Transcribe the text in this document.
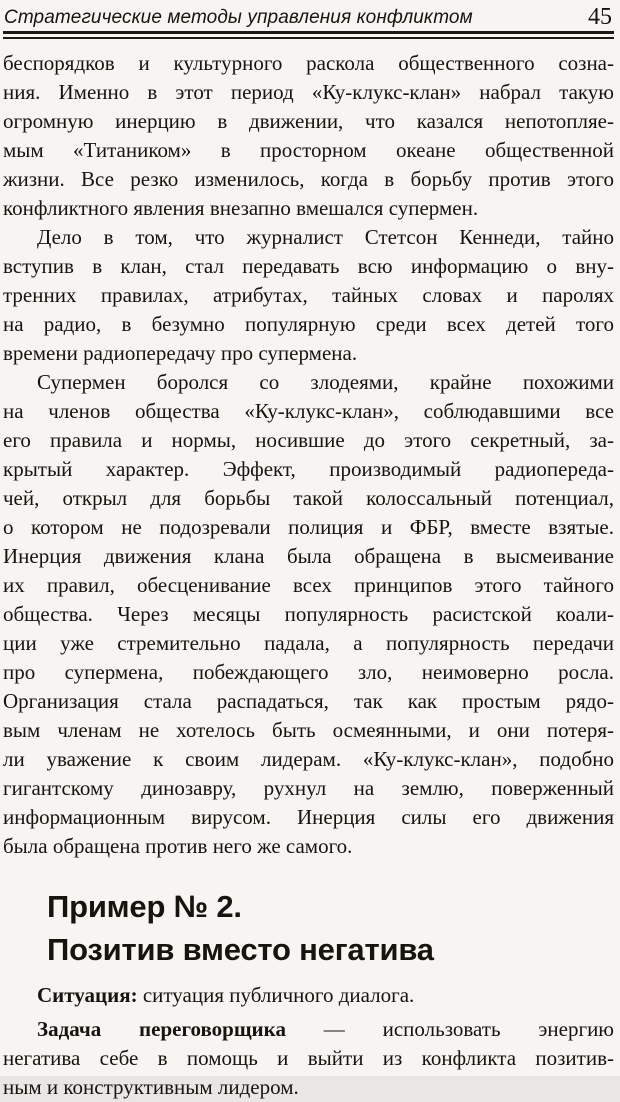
Стратегические методы управления конфликтом	45
беспорядков и культурного раскола общественного созна-
ния. Именно в этот период «Ку-клукс-клан» набрал такую
огромную инерцию в движении, что казался непотопляе-
мым «Титаником» в просторном океане общественной
жизни. Все резко изменилось, когда в борьбу против этого
конфликтного явления внезапно вмешался супермен.
Дело в том, что журналист Стетсон Кеннеди, тайно
вступив в клан, стал передавать всю информацию о вну-
тренних правилах, атрибутах, тайных словах и паролях
на радио, в безумно популярную среди всех детей того
времени радиопередачу про супермена.
Супермен боролся со злодеями, крайне похожими
на членов общества «Ку-клукс-клан», соблюдавшими все
его правила и нормы, носившие до этого секретный, за-
крытый характер. Эффект, производимый радиопереда-
чей, открыл для борьбы такой колоссальный потенциал,
о котором не подозревали полиция и ФБР, вместе взятые.
Инерция движения клана была обращена в высмеивание
их правил, обесценивание всех принципов этого тайного
общества. Через месяцы популярность расистской коали-
ции уже стремительно падала, а популярность передачи
про супермена, побеждающего зло, неимоверно росла.
Организация стала распадаться, так как простым рядо-
вым членам не хотелось быть осмеянными, и они потеря-
ли уважение к своим лидерам. «Ку-клукс-клан», подобно
гигантскому динозавру, рухнул на землю, поверженный
информационным вирусом. Инерция силы его движения
была обращена против него же самого.
Пример № 2.
Позитив вместо негатива
Ситуация: ситуация публичного диалога.
Задача переговорщика — использовать энергию
негатива себе в помощь и выйти из конфликта позитив-
ным и конструктивным лидером.
